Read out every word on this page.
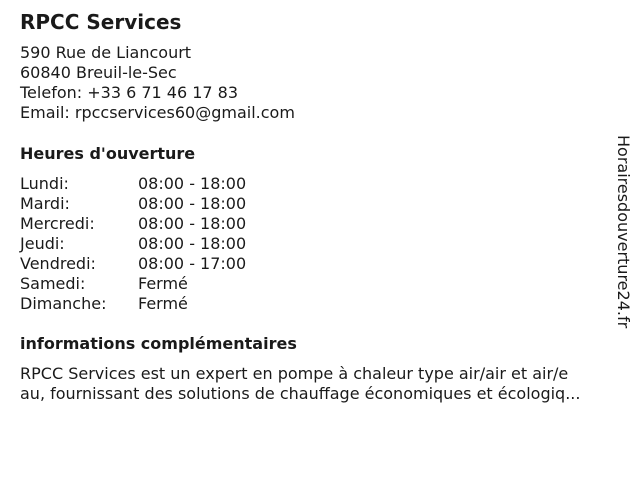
RPCC Services
590 Rue de Liancourt
60840 Breuil-le-Sec
Telefon: +33 6 71 46 17 83
Email: rpccservices60@gmail.com
Heures d'ouverture
Lundi:	08:00 - 18:00
Mardi:	08:00 - 18:00
Mercredi:	08:00 - 18:00
Jeudi:	08:00 - 18:00
Vendredi:	08:00 - 17:00
Samedi:	Fermé
Dimanche:	Fermé
informations complémentaires
RPCC Services est un expert en pompe à chaleur type air/air et air/e
au, fournissant des solutions de chauffage économiques et écologiq...
Horairesdouverture24.fr
